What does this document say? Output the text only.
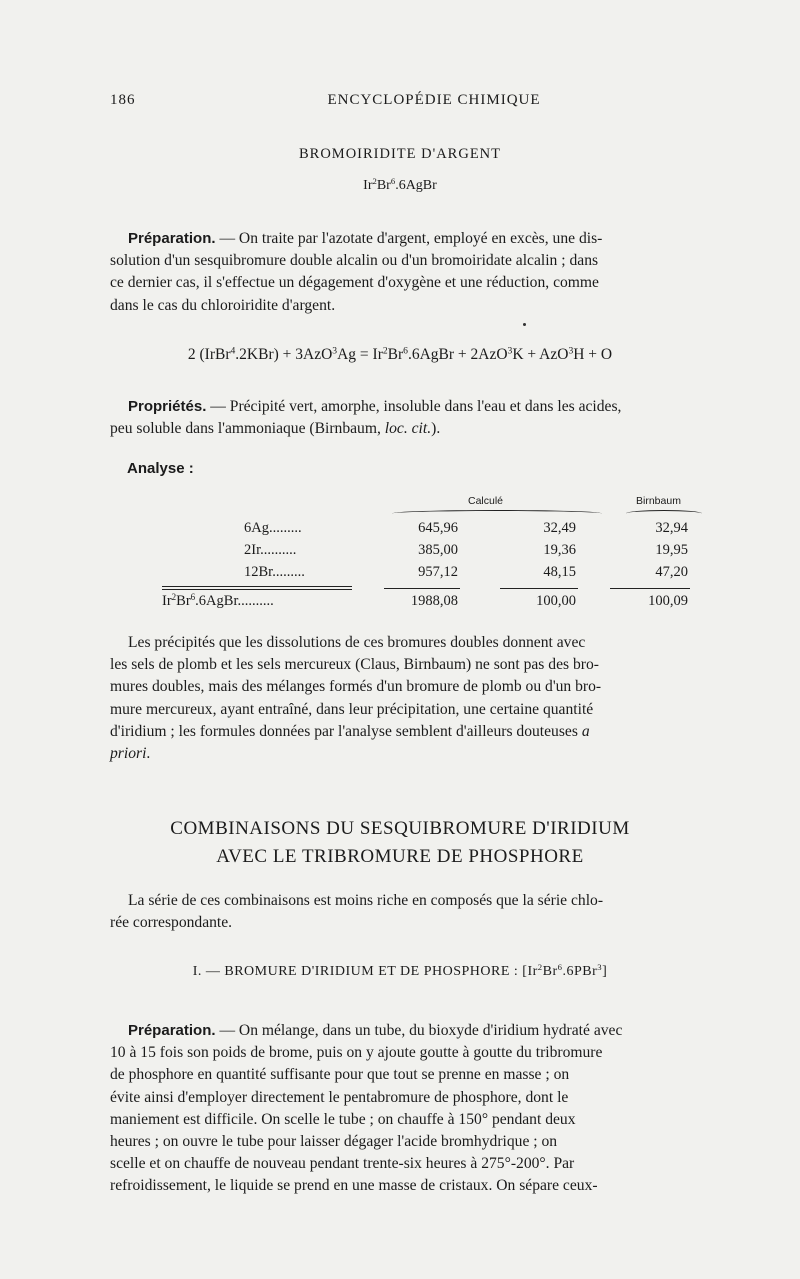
186	ENCYCLOPÉDIE CHIMIQUE
BROMOIRIDITE D'ARGENT
Ir$^2$Br$^6$.6AgBr
Préparation. — On traite par l'azotate d'argent, employé en excès, une dis-
solution d'un sesquibromure double alcalin ou d'un bromoiridate alcalin ; dans
ce dernier cas, il s'effectue un dégagement d'oxygène et une réduction, comme
dans le cas du chloroiridite d'argent.
2 (IrBr$^4$.2KBr) + $3AzO^3Ag = Ir^2Br^6.6AgBr + 2AzO^3K + AzO^3H + O$
Propriétés. — Précipité vert, amorphe, insoluble dans l'eau et dans les acides,
peu soluble dans l'ammoniaque (Birnbaum, loc. cit.).
Analyse :
Calculé	Birnbaum
6Ag.........	645,96	32,49	32,94
2Ir..........	385,00	19,36	19,95
12Br.........	957,12	48,15	47,20
Ir$^2$Br$^6$.6AgBr..........	1988,08	100,00	100,09
Les précipités que les dissolutions de ces bromures doubles donnent avec
les sels de plomb et les sels mercureux (Claus, Birnbaum) ne sont pas des bro-
mures doubles, mais des mélanges formés d'un bromure de plomb ou d'un bro-
mure mercureux, ayant entraîné, dans leur précipitation, une certaine quantité
d'iridium ; les formules données par l'analyse semblent d'ailleurs douteuses a
priori.
COMBINAISONS DU SESQUIBROMURE D'IRIDIUM
AVEC LE TRIBROMURE DE PHOSPHORE
La série de ces combinaisons est moins riche en composés que la série chlo-
rée correspondante.
I. — BROMURE D'IRIDIUM ET DE PHOSPHORE : [Ir$^2$Br$^6$.6PBr$^3$]
Préparation. — On mélange, dans un tube, du bioxyde d'iridium hydraté avec
10 à 15 fois son poids de brome, puis on y ajoute goutte à goutte du tribromure
de phosphore en quantité suffisante pour que tout se prenne en masse ; on
évite ainsi d'employer directement le pentabromure de phosphore, dont le
maniement est difficile. On scelle le tube ; on chauffe à 150° pendant deux
heures ; on ouvre le tube pour laisser dégager l'acide bromhydrique ; on
scelle et on chauffe de nouveau pendant trente-six heures à 275°-200°. Par
refroidissement, le liquide se prend en une masse de cristaux. On sépare ceux-
